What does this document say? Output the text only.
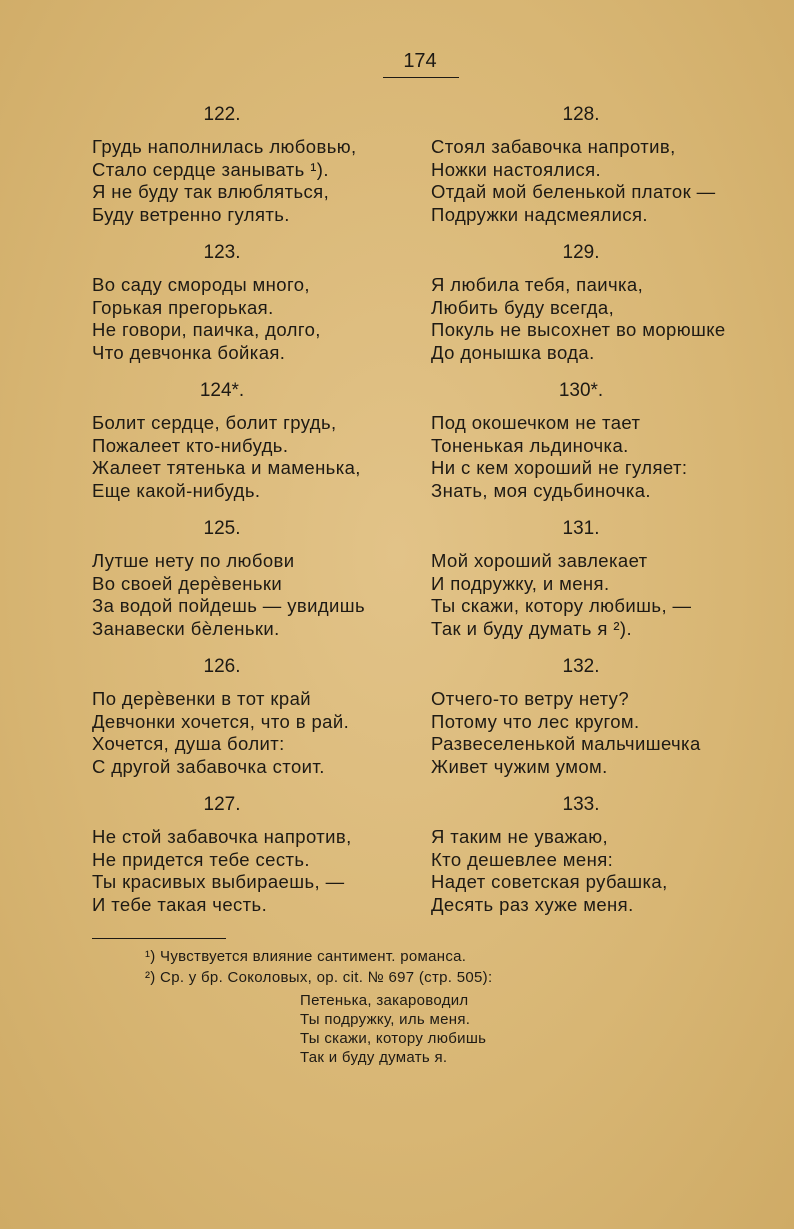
174
122.
Грудь наполнилась любовью,
Стало сердце занывать ¹).
Я не буду так влюбляться,
Буду ветренно гулять.
123.
Во саду смороды много,
Горькая прегорькая.
Не говори, паичка, долго,
Что девчонка бойкая.
124*.
Болит сердце, болит грудь,
Пожалеет кто-нибудь.
Жалеет тятенька и маменька,
Еще какой-нибудь.
125.
Лутше нету по любови
Во своей дерѐвеньки
За водой пойдешь — увидишь
Занавески бѐленьки.
126.
По дерѐвенки в тот край
Девчонки хочется, что в рай.
Хочется, душа болит:
С другой забавочка стоит.
127.
Не стой забавочка напротив,
Не придется тебе сесть.
Ты красивых выбираешь, —
И тебе такая честь.
128.
Стоял забавочка напротив,
Ножки настоялися.
Отдай мой беленькой платок —
Подружки надсмеялися.
129.
Я любила тебя, паичка,
Любить буду всегда,
Покуль не высохнет во морюшке
До донышка вода.
130*.
Под окошечком не тает
Тоненькая льдиночка.
Ни с кем хороший не гуляет:
Знать, моя судьбиночка.
131.
Мой хороший завлекает
И подружку, и меня.
Ты скажи, котору любишь, —
Так и буду думать я ²).
132.
Отчего-то ветру нету?
Потому что лес кругом.
Развеселенькой мальчишечка
Живет чужим умом.
133.
Я таким не уважаю,
Кто дешевлее меня:
Надет советская рубашка,
Десять раз хуже меня.
¹) Чувствуется влияние сантимент. романса.
²) Ср. у бр. Соколовых, ор. cit. № 697 (стр. 505):
Петенька, закароводил
Ты подружку, иль меня.
Ты скажи, котору любишь
Так и буду думать я.
